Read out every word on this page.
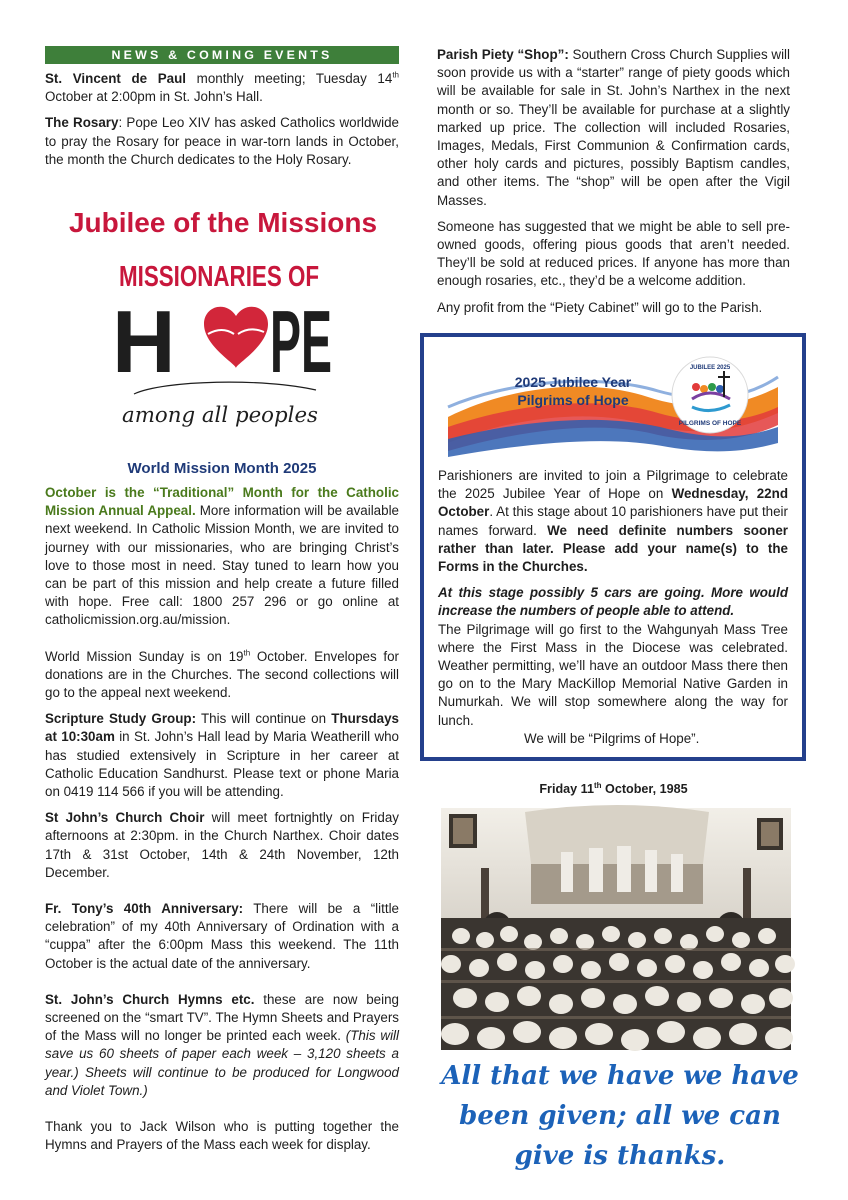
NEWS & COMING EVENTS

St. Vincent de Paul monthly meeting; Tuesday 14th October at 2:00pm in St. John’s Hall.

The Rosary: Pope Leo XIV has asked Catholics worldwide to pray the Rosary for peace in war-torn lands in October, the month the Church dedicates to the Holy Rosary.

Jubilee of the Missions
MISSIONARIES OF
H PE
among all peoples
World Mission Month 2025

October is the “Traditional” Month for the Catholic Mission Annual Appeal. More information will be available next weekend. In Catholic Mission Month, we are invited to journey with our missionaries, who are bringing Christ’s love to those most in need. Stay tuned to learn how you can be part of this mission and help create a future filled with hope. Free call: 1800 257 296 or go online at catholicmission.org.au/mission.

World Mission Sunday is on 19th October. Envelopes for donations are in the Churches. The second collections will go to the appeal next weekend.

Scripture Study Group: This will continue on Thursdays at 10:30am in St. John’s Hall lead by Maria Weatherill who has studied extensively in Scripture in her career at Catholic Education Sandhurst. Please text or phone Maria on 0419 114 566 if you will be attending.

St John’s Church Choir will meet fortnightly on Friday afternoons at 2:30pm. in the Church Narthex. Choir dates 17th & 31st October, 14th & 24th November, 12th December.

Fr. Tony’s 40th Anniversary: There will be a “little celebration” of my 40th Anniversary of Ordination with a “cuppa” after the 6:00pm Mass this weekend. The 11th October is the actual date of the anniversary.

St. John’s Church Hymns etc. these are now being screened on the “smart TV”. The Hymn Sheets and Prayers of the Mass will no longer be printed each week. (This will save us 60 sheets of paper each week – 3,120 sheets a year.) Sheets will continue to be produced for Longwood and Violet Town.)

Thank you to Jack Wilson who is putting together the Hymns and Prayers of the Mass each week for display.

Parish Piety “Shop”: Southern Cross Church Supplies will soon provide us with a “starter” range of piety goods which will be available for sale in St. John’s Narthex in the next month or so. They’ll be available for purchase at a slightly marked up price. The collection will included Rosaries, Images, Medals, First Communion & Confirmation cards, other holy cards and pictures, possibly Baptism candles, and other items. The “shop” will be open after the Vigil Masses.

Someone has suggested that we might be able to sell pre-owned goods, offering pious goods that aren’t needed. They’ll be sold at reduced prices. If anyone has more than enough rosaries, etc., they’d be a welcome addition.

Any profit from the “Piety Cabinet” will go to the Parish.

2025 Jubilee Year
Pilgrims of Hope
JUBILEE 2025
PILGRIMS OF HOPE

Parishioners are invited to join a Pilgrimage to celebrate the 2025 Jubilee Year of Hope on Wednesday, 22nd October. At this stage about 10 parishioners have put their names forward. We need definite numbers sooner rather than later. Please add your name(s) to the Forms in the Churches.

At this stage possibly 5 cars are going. More would increase the numbers of people able to attend.

The Pilgrimage will go first to the Wahgunyah Mass Tree where the First Mass in the Diocese was celebrated. Weather permitting, we’ll have an outdoor Mass there then go on to the Mary MacKillop Memorial Native Garden in Numurkah. We will stop somewhere along the way for lunch.

We will be “Pilgrims of Hope”.

Friday 11th October, 1985
All that we have we have been given; all we can give is thanks.
